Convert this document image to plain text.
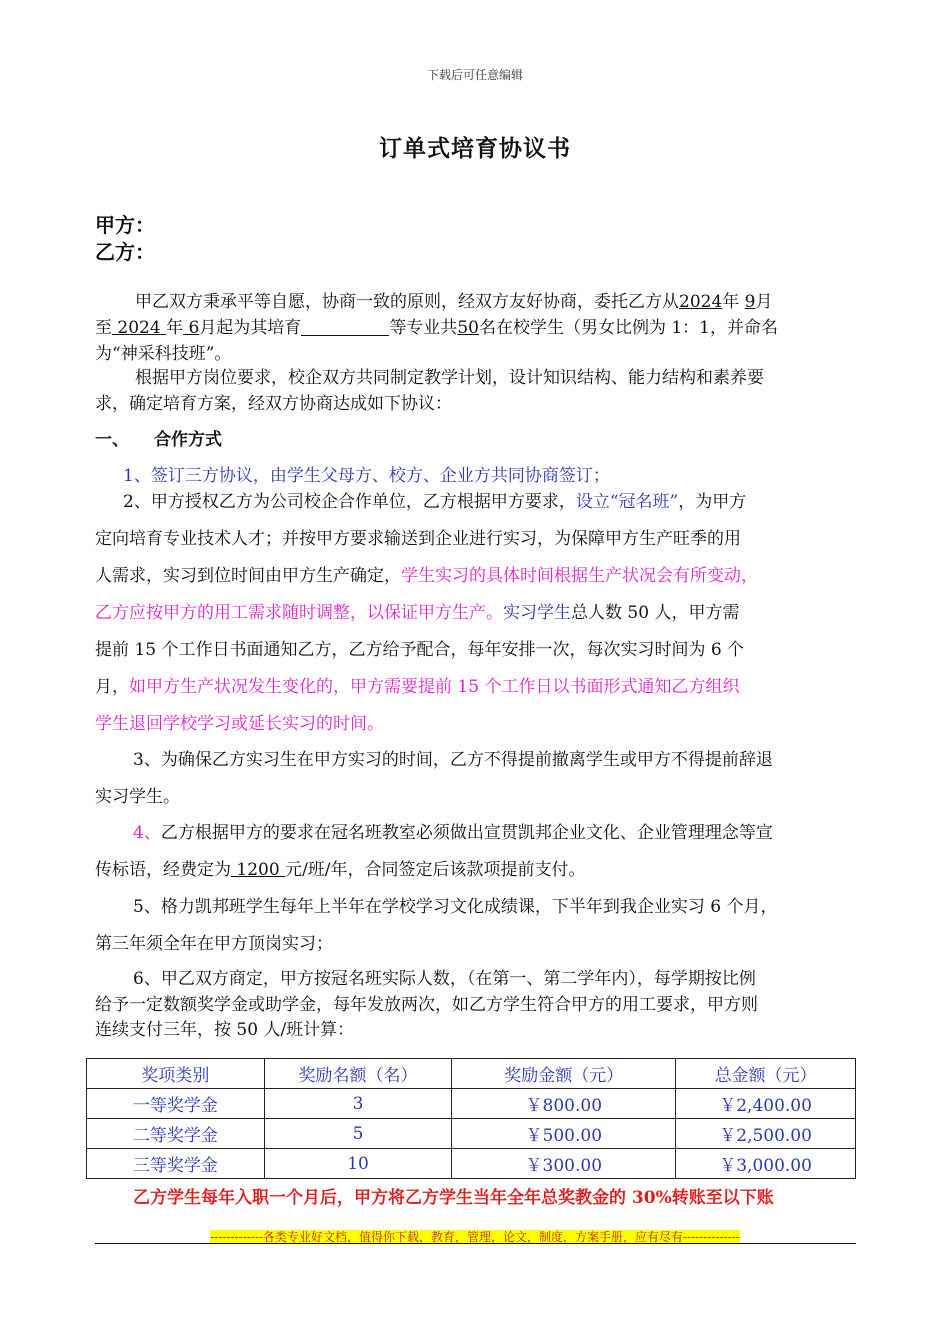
下载后可任意编辑
订单式培育协议书
甲方：
乙方：
甲乙双方秉承平等自愿，协商一致的原则，经双方友好协商，委托乙方从2024年 9月
至 2024 年 6月起为其培育	等专业共50名在校学生（男女比例为 1：1，并命名
为“神采科技班”。
根据甲方岗位要求，校企双方共同制定教学计划，设计知识结构、能力结构和素养要
求，确定培育方案，经双方协商达成如下协议：
一、 合作方式
1、签订三方协议，由学生父母方、校方、企业方共同协商签订；
2、甲方授权乙方为公司校企合作单位，乙方根据甲方要求，设立“冠名班”，为甲方
定向培育专业技术人才；并按甲方要求输送到企业进行实习，为保障甲方生产旺季的用
人需求，实习到位时间由甲方生产确定，学生实习的具体时间根据生产状况会有所变动，
乙方应按甲方的用工需求随时调整，以保证甲方生产。实习学生总人数 50 人，甲方需
提前 15 个工作日书面通知乙方，乙方给予配合，每年安排一次，每次实习时间为 6 个
月，如甲方生产状况发生变化的，甲方需要提前 15 个工作日以书面形式通知乙方组织
学生退回学校学习或延长实习的时间。
3、为确保乙方实习生在甲方实习的时间，乙方不得提前撤离学生或甲方不得提前辞退
实习学生。
4、乙方根据甲方的要求在冠名班教室必须做出宣贯凯邦企业文化、企业管理理念等宣
传标语，经费定为 1200 元/班/年，合同签定后该款项提前支付。
5、格力凯邦班学生每年上半年在学校学习文化成绩课，下半年到我企业实习 6 个月，
第三年须全年在甲方顶岗实习；
6、甲乙双方商定，甲方按冠名班实际人数，（在第一、第二学年内），每学期按比例
给予一定数额奖学金或助学金，每年发放两次，如乙方学生符合甲方的用工要求，甲方则
连续支付三年，按 50 人/班计算：
奖项类别	奖励名额（名）	奖励金额（元）	总金额（元）
一等奖学金	3	￥800.00	￥2,400.00
二等奖学金	5	￥500.00	￥2,500.00
三等奖学金	10	￥300.00	￥3,000.00
乙方学生每年入职一个月后，甲方将乙方学生当年全年总奖教金的 30%转账至以下账
-------------各类专业好文档，值得你下载，教育，管理，论文，制度，方案手册，应有尽有--------------
